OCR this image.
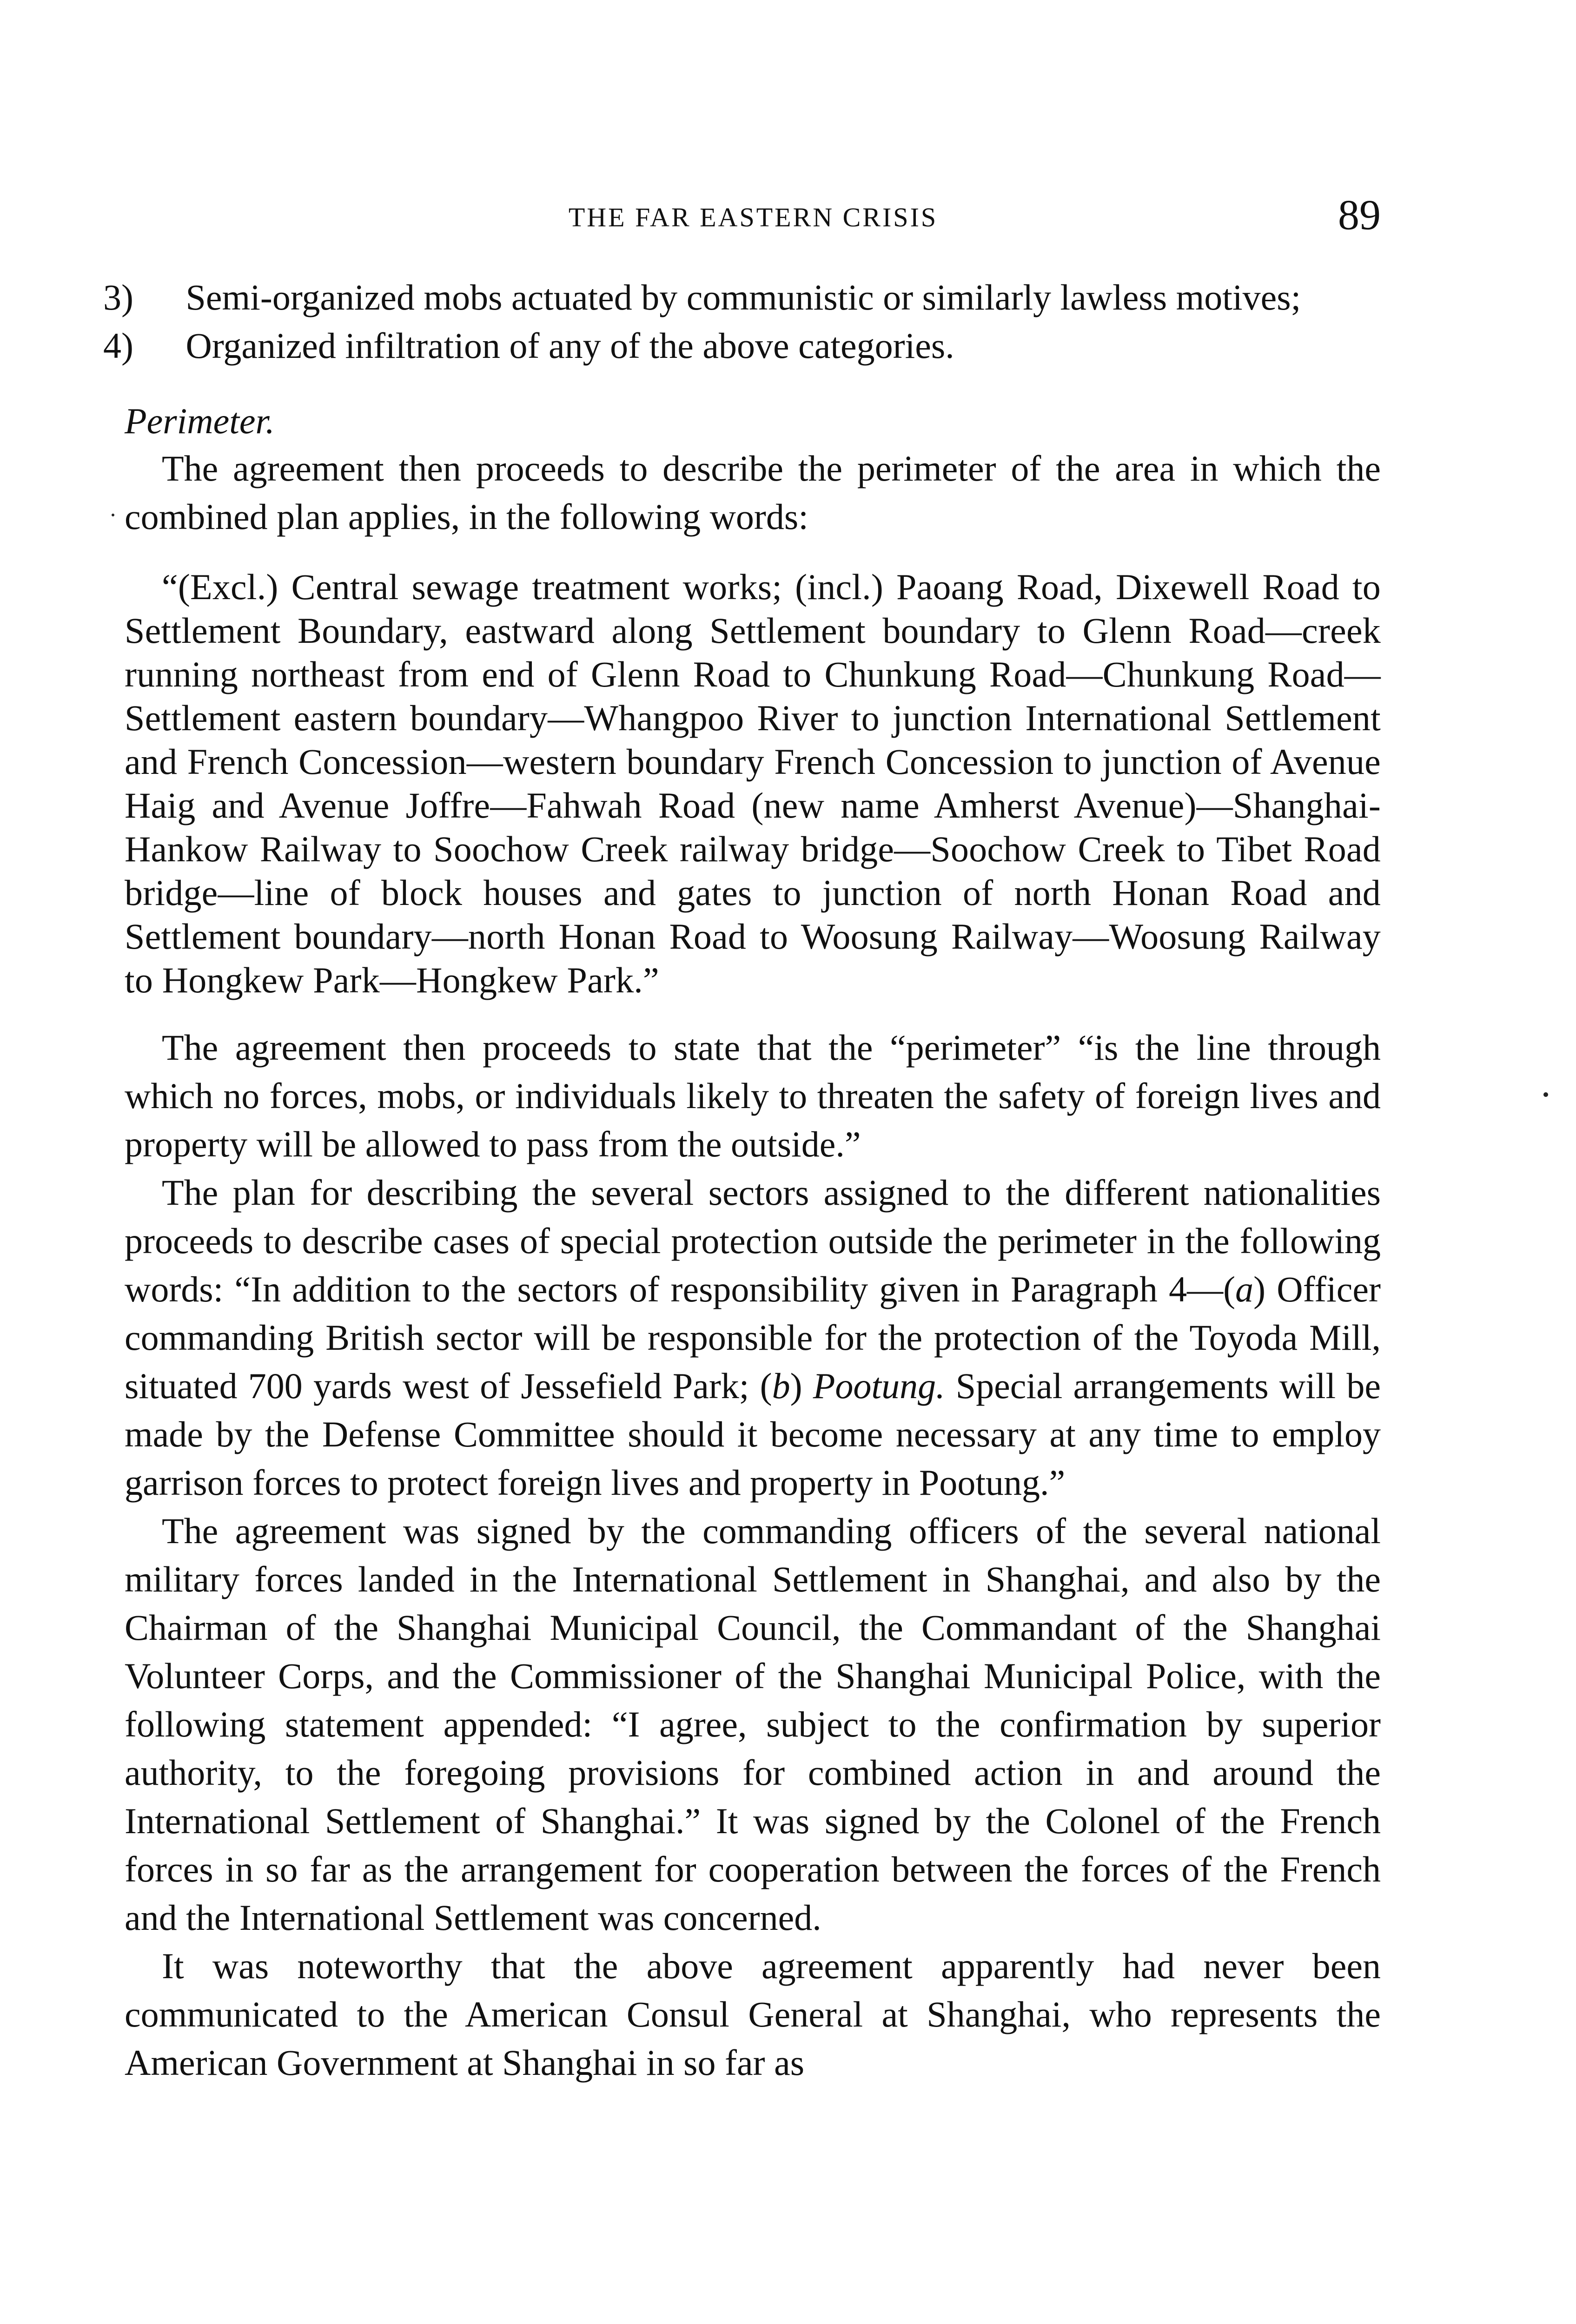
THE FAR EASTERN CRISIS	89
3) Semi-organized mobs actuated by communistic or similarly lawless motives;
4) Organized infiltration of any of the above categories.
Perimeter.

The agreement then proceeds to describe the perimeter of the area in which the combined plan applies, in the following words:

“(Excl.) Central sewage treatment works; (incl.) Paoang Road, Dixewell Road to Settlement Boundary, eastward along Settlement boundary to Glenn Road—creek running northeast from end of Glenn Road to Chunkung Road—Chunkung Road—Settlement eastern boundary—Whangpoo River to junction International Settlement and French Concession—western boundary French Concession to junction of Avenue Haig and Avenue Joffre—Fahwah Road (new name Amherst Avenue)—Shanghai-Hankow Railway to Soochow Creek railway bridge—Soochow Creek to Tibet Road bridge—line of block houses and gates to junction of north Honan Road and Settlement boundary—north Honan Road to Woosung Railway—Woosung Railway to Hongkew Park—Hongkew Park.”

The agreement then proceeds to state that the “perimeter” “is the line through which no forces, mobs, or individuals likely to threaten the safety of foreign lives and property will be allowed to pass from the outside.”

The plan for describing the several sectors assigned to the different nationalities proceeds to describe cases of special protection outside the perimeter in the following words: “In addition to the sectors of responsibility given in Paragraph 4—(a) Officer commanding British sector will be responsible for the protection of the Toyoda Mill, situated 700 yards west of Jessefield Park; (b) Pootung. Special arrangements will be made by the Defense Committee should it become necessary at any time to employ garrison forces to protect foreign lives and property in Pootung.”

The agreement was signed by the commanding officers of the several national military forces landed in the International Settlement in Shanghai, and also by the Chairman of the Shanghai Municipal Council, the Commandant of the Shanghai Volunteer Corps, and the Commissioner of the Shanghai Municipal Police, with the following statement appended: “I agree, subject to the confirmation by superior authority, to the foregoing provisions for combined action in and around the International Settlement of Shanghai.” It was signed by the Colonel of the French forces in so far as the arrangement for cooperation between the forces of the French and the International Settlement was concerned.

It was noteworthy that the above agreement apparently had never been communicated to the American Consul General at Shanghai, who represents the American Government at Shanghai in so far as
